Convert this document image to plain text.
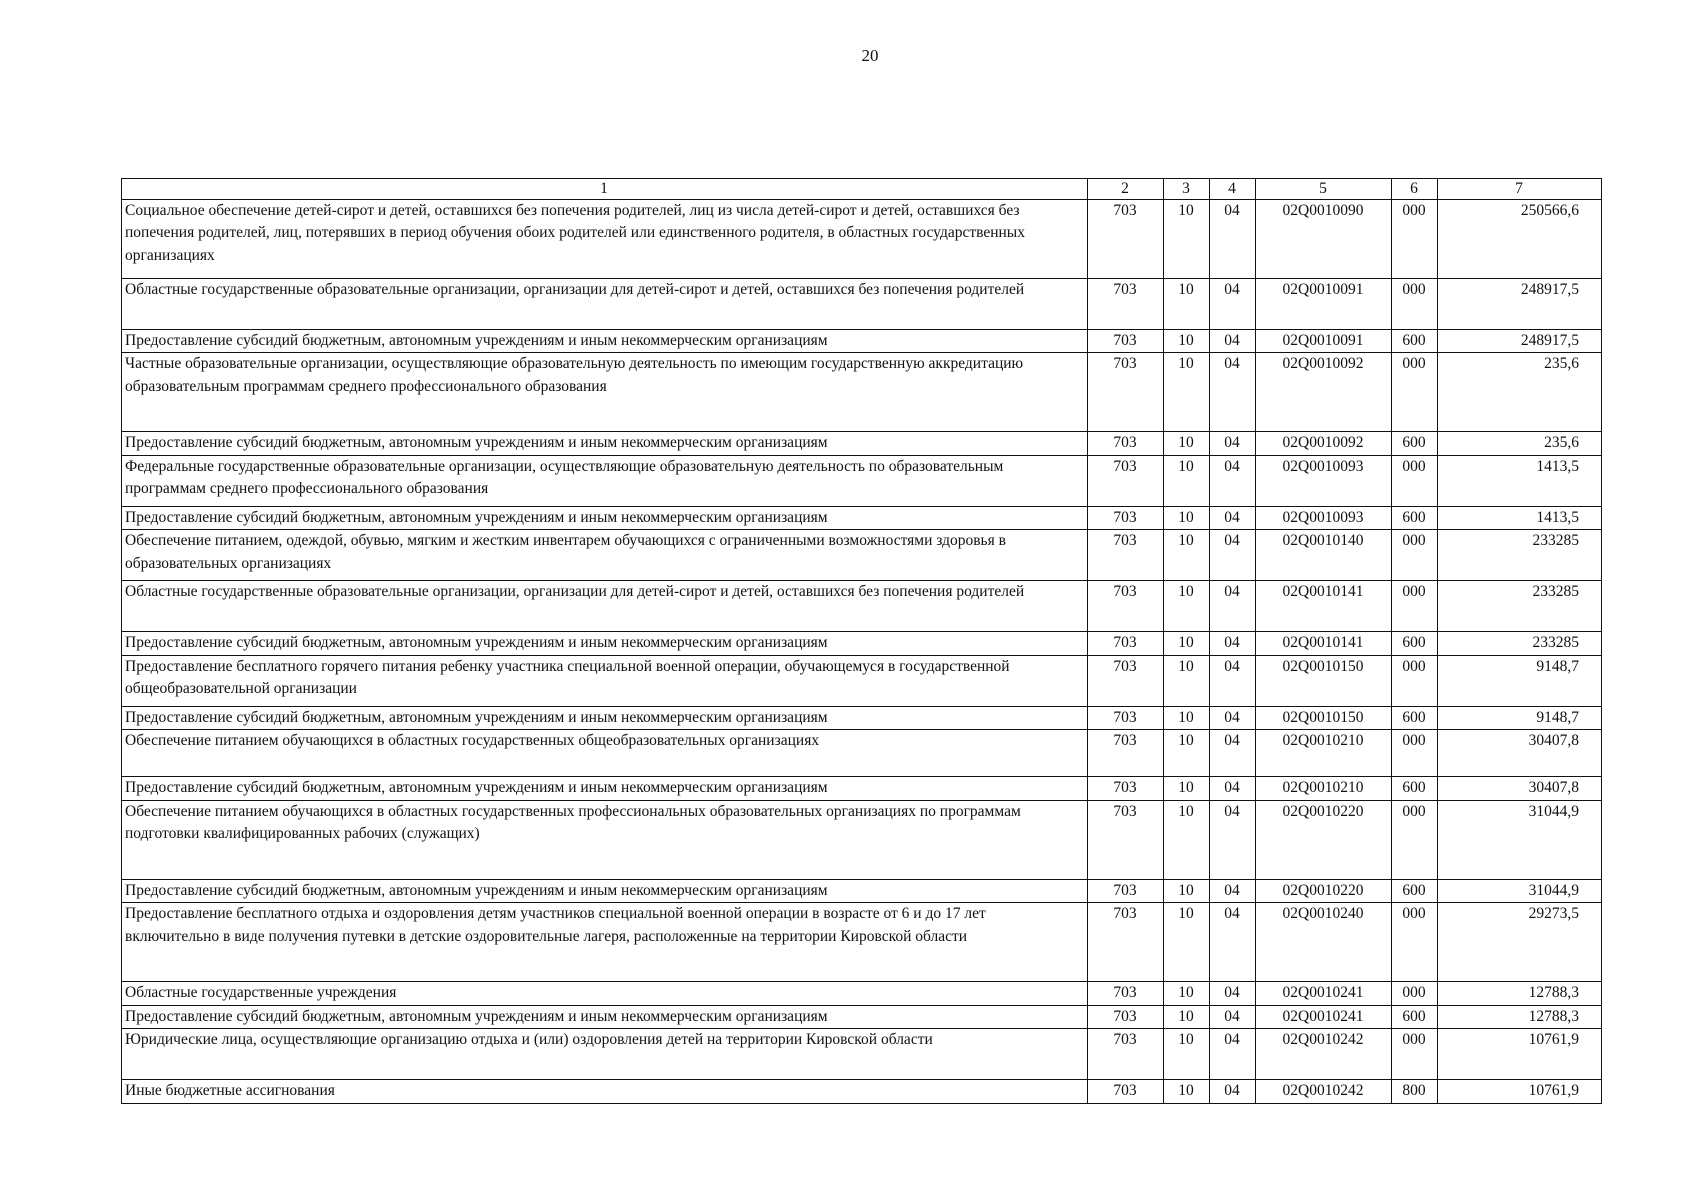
20
1	2	3	4	5	6	7
Социальное обеспечение детей-сирот и детей, оставшихся без попечения родителей, лиц из числа детей-сирот и детей, оставшихся без попечения родителей, лиц, потерявших в период обучения обоих родителей или единственного родителя, в областных государственных организациях	703	10	04	02Q0010090	000	250566,6
Областные государственные образовательные организации, организации для детей-сирот и детей, оставшихся без попечения родителей	703	10	04	02Q0010091	000	248917,5
Предоставление субсидий бюджетным, автономным учреждениям и иным некоммерческим организациям	703	10	04	02Q0010091	600	248917,5
Частные образовательные организации, осуществляющие образовательную деятельность по имеющим государственную аккредитацию образовательным программам среднего профессионального образования	703	10	04	02Q0010092	000	235,6
Предоставление субсидий бюджетным, автономным учреждениям и иным некоммерческим организациям	703	10	04	02Q0010092	600	235,6
Федеральные государственные образовательные организации, осуществляющие образовательную деятельность по образовательным программам среднего профессионального образования	703	10	04	02Q0010093	000	1413,5
Предоставление субсидий бюджетным, автономным учреждениям и иным некоммерческим организациям	703	10	04	02Q0010093	600	1413,5
Обеспечение питанием, одеждой, обувью, мягким и жестким инвентарем обучающихся с ограниченными возможностями здоровья в образовательных организациях	703	10	04	02Q0010140	000	233285
Областные государственные образовательные организации, организации для детей-сирот и детей, оставшихся без попечения родителей	703	10	04	02Q0010141	000	233285
Предоставление субсидий бюджетным, автономным учреждениям и иным некоммерческим организациям	703	10	04	02Q0010141	600	233285
Предоставление бесплатного горячего питания ребенку участника специальной военной операции, обучающемуся в государственной общеобразовательной организации	703	10	04	02Q0010150	000	9148,7
Предоставление субсидий бюджетным, автономным учреждениям и иным некоммерческим организациям	703	10	04	02Q0010150	600	9148,7
Обеспечение питанием обучающихся в областных государственных общеобразовательных организациях	703	10	04	02Q0010210	000	30407,8
Предоставление субсидий бюджетным, автономным учреждениям и иным некоммерческим организациям	703	10	04	02Q0010210	600	30407,8
Обеспечение питанием обучающихся в областных государственных профессиональных образовательных организациях по программам подготовки квалифицированных рабочих (служащих)	703	10	04	02Q0010220	000	31044,9
Предоставление субсидий бюджетным, автономным учреждениям и иным некоммерческим организациям	703	10	04	02Q0010220	600	31044,9
Предоставление бесплатного отдыха и оздоровления детям участников специальной военной операции в возрасте от 6 и до 17 лет включительно в виде получения путевки в детские оздоровительные лагеря, расположенные на территории Кировской области	703	10	04	02Q0010240	000	29273,5
Областные государственные учреждения	703	10	04	02Q0010241	000	12788,3
Предоставление субсидий бюджетным, автономным учреждениям и иным некоммерческим организациям	703	10	04	02Q0010241	600	12788,3
Юридические лица, осуществляющие организацию отдыха и (или) оздоровления детей на территории Кировской области	703	10	04	02Q0010242	000	10761,9
Иные бюджетные ассигнования	703	10	04	02Q0010242	800	10761,9
